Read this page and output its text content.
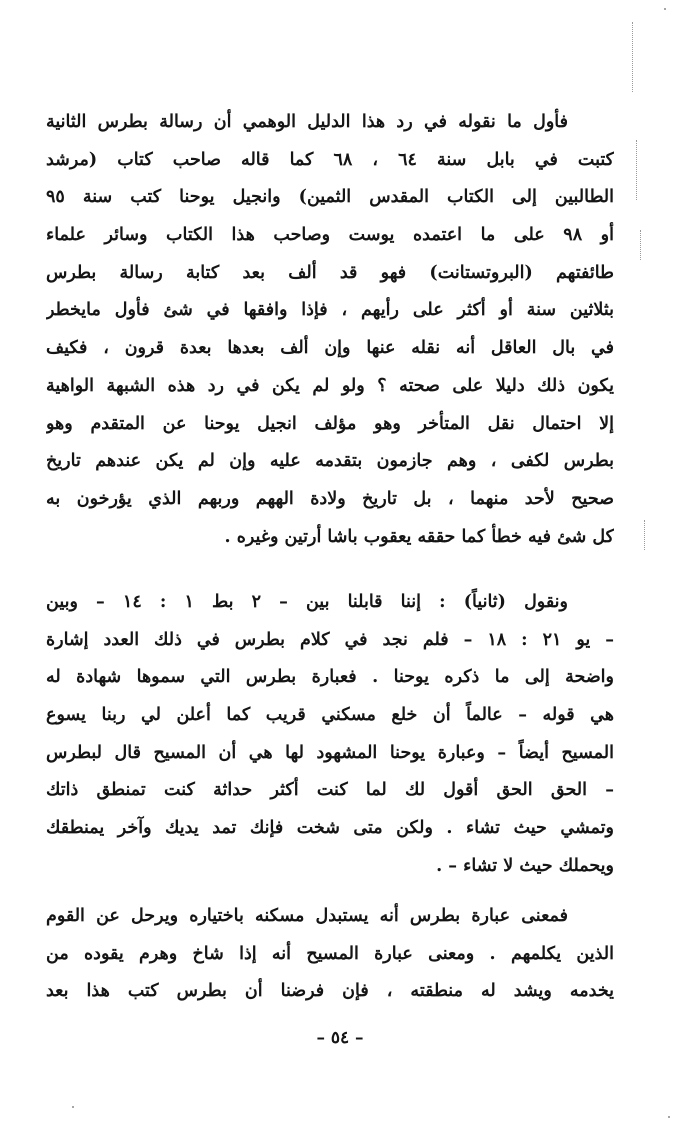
فأول ما نقوله في رد هذا الدليل الوهمي أن رسالة بطرس الثانية
كتبت في بابل سنة ٦٤ ، ٦٨ كما قاله صاحب كتاب (مرشد
الطالبين إلى الكتاب المقدس الثمين) وانجيل يوحنا كتب سنة ٩٥
أو ٩٨ على ما اعتمده يوست وصاحب هذا الكتاب وسائر علماء
طائفتهم (البروتستانت) فهو قد ألف بعد كتابة رسالة بطرس
بثلاثين سنة أو أكثر على رأيهم ، فإذا وافقها في شئ فأول مايخطر
في بال العاقل أنه نقله عنها وإن ألف بعدها بعدة قرون ، فكيف
يكون ذلك دليلا على صحته ؟ ولو لم يكن في رد هذه الشبهة الواهية
إلا احتمال نقل المتأخر وهو مؤلف انجيل يوحنا عن المتقدم وهو
بطرس لكفى ، وهم جازمون بتقدمه عليه وإن لم يكن عندهم تاريخ
صحيح لأحد منهما ، بل تاريخ ولادة الههم وربهم الذي يؤرخون به
كل شئ فيه خطأ كما حققه يعقوب باشا أرتين وغيره .
ونقول (ثانياً) : إننا قابلنا بين – ٢ بط ١ : ١٤ – وبين
– يو ٢١ : ١٨ – فلم نجد في كلام بطرس في ذلك العدد إشارة
واضحة إلى ما ذكره يوحنا . فعبارة بطرس التي سموها شهادة له
هي قوله – عالماً أن خلع مسكني قريب كما أعلن لي ربنا يسوع
المسيح أيضاً – وعبارة يوحنا المشهود لها هي أن المسيح قال لبطرس
– الحق الحق أقول لك لما كنت أكثر حداثة كنت تمنطق ذاتك
وتمشي حيث تشاء . ولكن متى شخت فإنك تمد يديك وآخر يمنطقك
ويحملك حيث لا تشاء – .
فمعنى عبارة بطرس أنه يستبدل مسكنه باختياره ويرحل عن القوم
الذين يكلمهم . ومعنى عبارة المسيح أنه إذا شاخ وهرم يقوده من
يخدمه ويشد له منطقته ، فإن فرضنا أن بطرس كتب هذا بعد
– ٥٤ –
